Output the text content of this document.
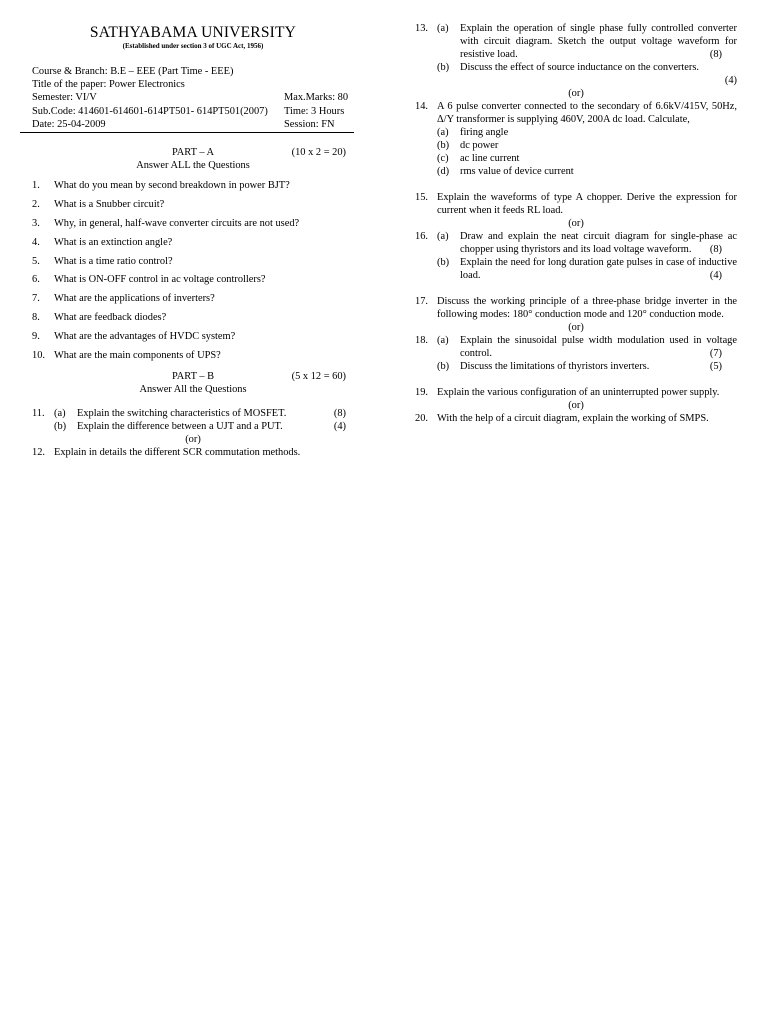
SATHYABAMA UNIVERSITY
(Established under section 3 of UGC Act, 1956)
Course & Branch: B.E – EEE (Part Time - EEE)
Title of the paper: Power Electronics
Semester: VI/V	Max.Marks: 80
Sub.Code: 414601-614601-614PT501- 614PT501(2007) Time: 3 Hours
Date: 25-04-2009	Session: FN
PART – A	(10 x 2 = 20)
Answer ALL the Questions
1.	What do you mean by second breakdown in power BJT?
2.	What is a Snubber circuit?
3.	Why, in general, half-wave converter circuits are not used?
4.	What is an extinction angle?
5.	What is a time ratio control?
6.	What is ON-OFF control in ac voltage controllers?
7.	What are the applications of inverters?
8.	What are feedback diodes?
9.	What are the advantages of HVDC system?
10. What are the main components of UPS?
PART – B	(5 x 12 = 60)
Answer All the Questions
11. (a)	Explain the switching characteristics of MOSFET.	(8)
(b)	Explain the difference between a UJT and a PUT.	(4)
(or)
12. Explain in details the different SCR commutation methods.
13. (a)	Explain the operation of single phase fully controlled converter with circuit diagram. Sketch the output voltage waveform for resistive load.	(8)
(b)	Discuss the effect of source inductance on the converters.
(4)
(or)
14. A 6 pulse converter connected to the secondary of 6.6kV/415V, 50Hz, Δ/Y transformer is supplying 460V, 200A dc load. Calculate,
(a)	firing angle
(b)	dc power
(c)	ac line current
(d)	rms value of device current
15. Explain the waveforms of type A chopper. Derive the expression for current when it feeds RL load.
(or)
16. (a)	Draw and explain the neat circuit diagram for single-phase ac chopper using thyristors and its load voltage waveform.	(8)
(b)	Explain the need for long duration gate pulses in case of inductive load.	(4)
17. Discuss the working principle of a three-phase bridge inverter in the following modes: 180° conduction mode and 120° conduction mode.
(or)
18. (a)	Explain the sinusoidal pulse width modulation used in voltage control.	(7)
(b)	Discuss the limitations of thyristors inverters.	(5)
19. Explain the various configuration of an uninterrupted power supply.
(or)
20. With the help of a circuit diagram, explain the working of SMPS.
